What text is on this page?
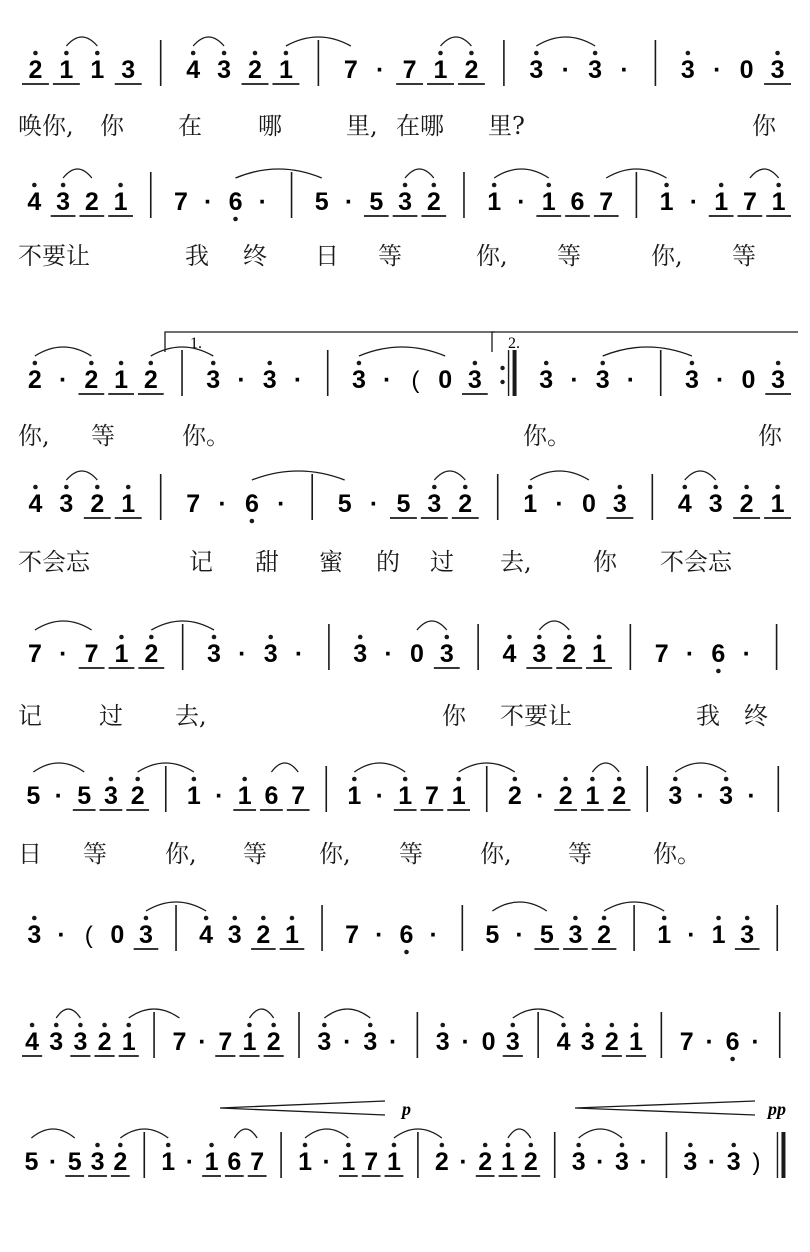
2 1 1 3 4 3 2 1 7 · 7 1 2 3 · 3 · 3 · 0 3
唤你, 你 在 哪	里, 在哪 里?	你
4 3 2 1 7 · 6 · 5 · 5 3 2 1 · 1 6 7 1 · 1 7 1
不要让	我 终 日 等	你, 等	你, 等
2 · 2 1 2 3 · 3 · 3 · ( 0 3 3 · 3 · 3 · 0 3
1.	2.
你, 等	你。	你。	你
4 3 2 1 7 · 6 · 5 · 5 3 2 1 · 0 3 4 3 2 1
不会忘	记 甜 蜜 的 过 去,	你 不会忘
7 · 7 1 2 3 · 3 · 3 · 0 3 4 3 2 1 7 · 6 ·
记 过 去,	你 不要让	我 终
5 · 5 3 2 1 · 1 6 7 1 · 1 7 1 2 · 2 1 2 3 · 3 ·
日 等 你, 等 你, 等 你, 等	你。
3 · ( 0 3 4 3 2 1 7 · 6 · 5 · 5 3 2 1 · 1 3
4 3 3 2 1 7 · 7 1 2 3 · 3 · 3 · 0 3 4 3 2 1 7 · 6 ·
5 · 5 3 2 1 · 1 6 7 1 · 1 7 1 2 · 2 1 2 3 · 3 · 3 · 3 )
p	pp
